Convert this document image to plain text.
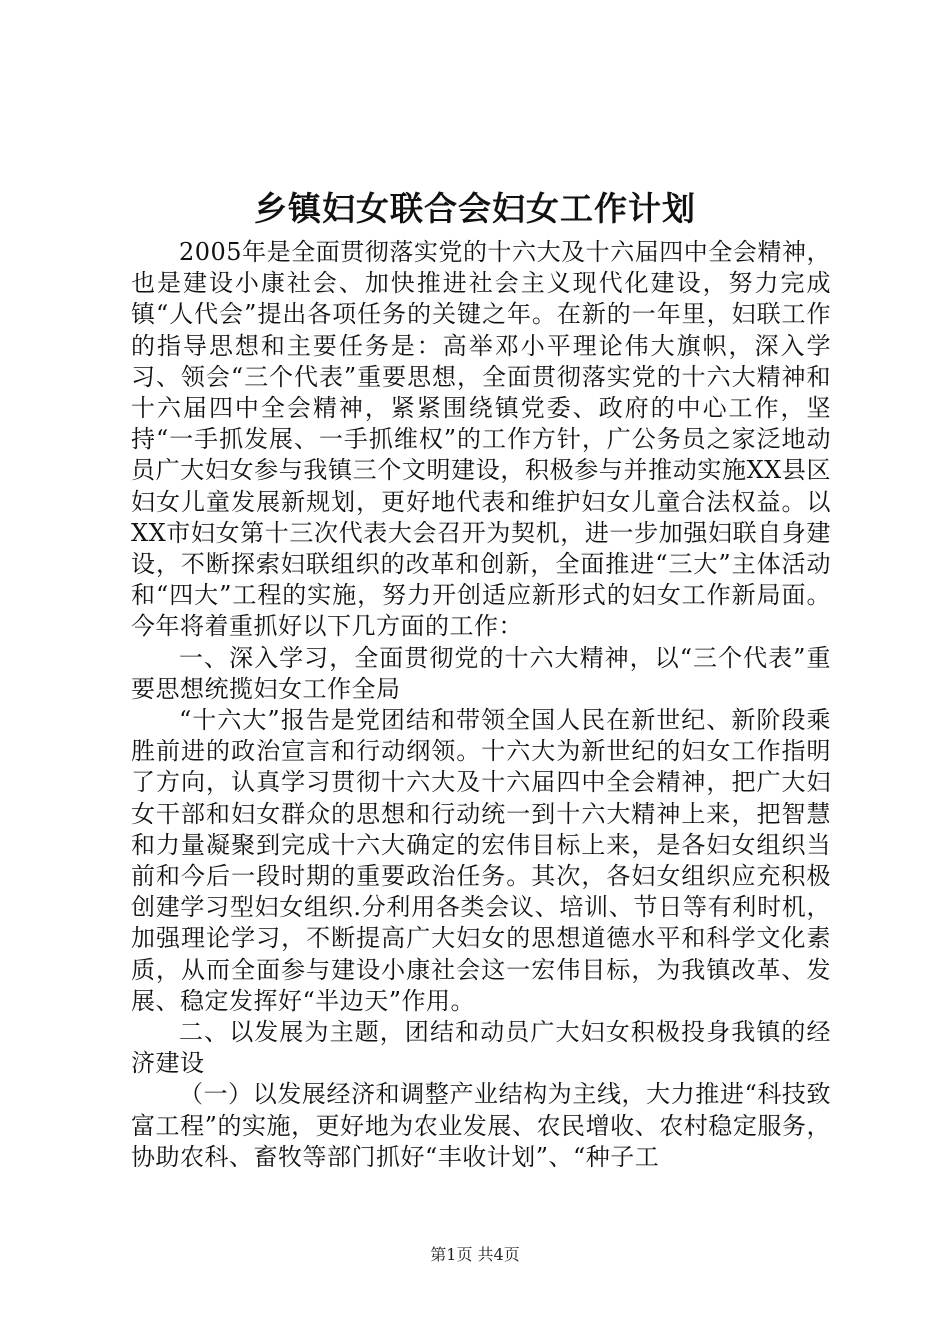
乡镇妇女联合会妇女工作计划

2005年是全面贯彻落实党的十六大及十六届四中全会精神，也是建设小康社会、加快推进社会主义现代化建设，努力完成镇“人代会”提出各项任务的关键之年。在新的一年里，妇联工作的指导思想和主要任务是：高举邓小平理论伟大旗帜，深入学习、领会“三个代表”重要思想，全面贯彻落实党的十六大精神和十六届四中全会精神，紧紧围绕镇党委、政府的中心工作，坚持“一手抓发展、一手抓维权”的工作方针，广公务员之家泛地动员广大妇女参与我镇三个文明建设，积极参与并推动实施XX县区妇女儿童发展新规划，更好地代表和维护妇女儿童合法权益。以XX市妇女第十三次代表大会召开为契机，进一步加强妇联自身建设，不断探索妇联组织的改革和创新，全面推进“三大”主体活动和“四大”工程的实施，努力开创适应新形式的妇女工作新局面。今年将着重抓好以下几方面的工作：

一、深入学习，全面贯彻党的十六大精神，以“三个代表”重要思想统揽妇女工作全局

“十六大”报告是党团结和带领全国人民在新世纪、新阶段乘胜前进的政治宣言和行动纲领。十六大为新世纪的妇女工作指明了方向，认真学习贯彻十六大及十六届四中全会精神，把广大妇女干部和妇女群众的思想和行动统一到十六大精神上来，把智慧和力量凝聚到完成十六大确定的宏伟目标上来，是各妇女组织当前和今后一段时期的重要政治任务。其次，各妇女组织应充积极创建学习型妇女组织.分利用各类会议、培训、节日等有利时机，加强理论学习，不断提高广大妇女的思想道德水平和科学文化素质，从而全面参与建设小康社会这一宏伟目标，为我镇改革、发展、稳定发挥好“半边天”作用。

二、以发展为主题，团结和动员广大妇女积极投身我镇的经济建设

（一）以发展经济和调整产业结构为主线，大力推进“科技致富工程”的实施，更好地为农业发展、农民增收、农村稳定服务，协助农科、畜牧等部门抓好“丰收计划”、“种子工

第1页 共4页
